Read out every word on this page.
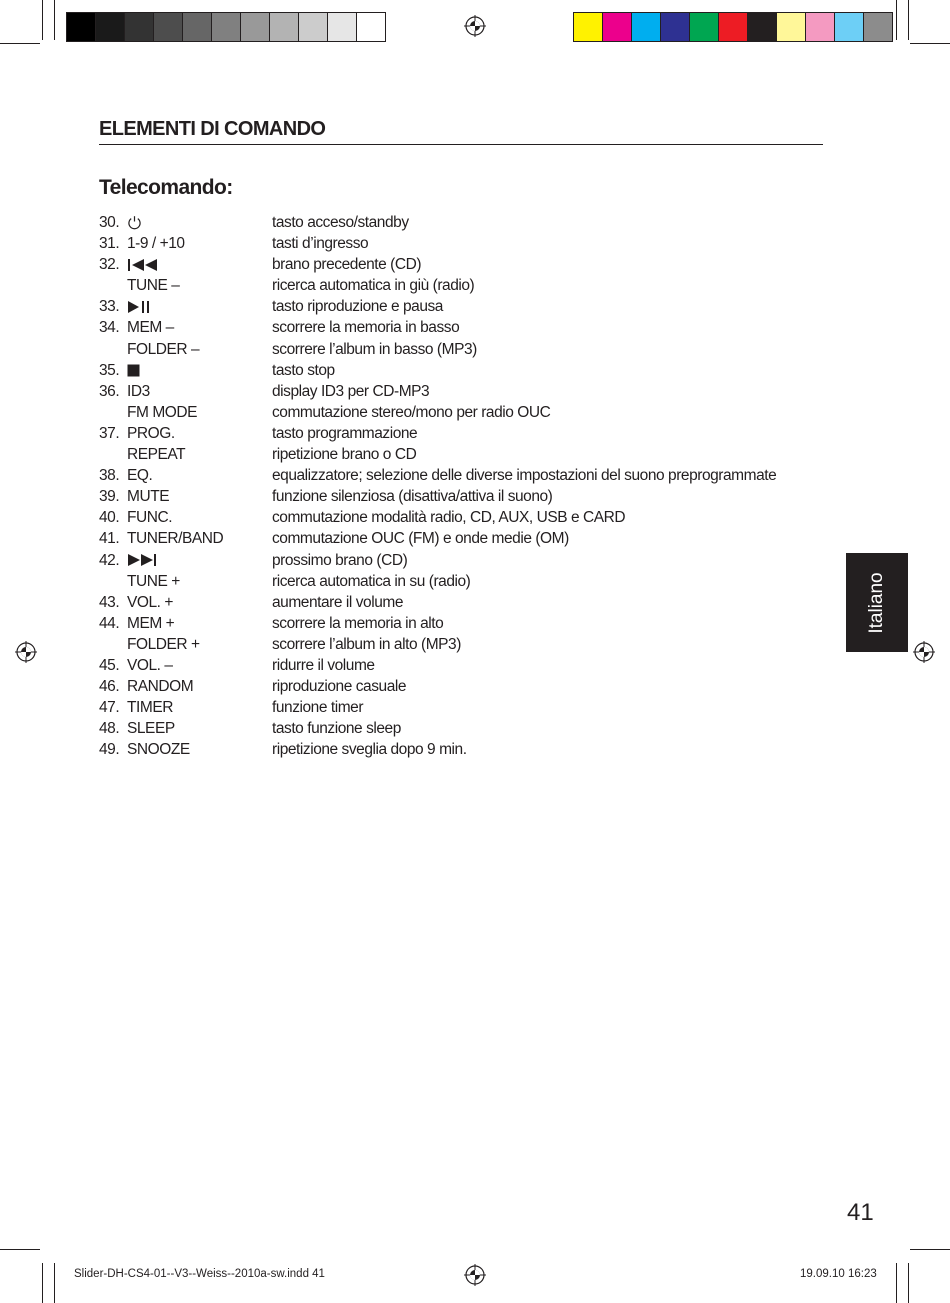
ELEMENTI DI COMANDO
Telecomando:
30.	tasto acceso/standby
31. 1-9 / +10	tasti d’ingresso
32.	brano precedente (CD)
TUNE –	ricerca automatica in giù (radio)
33.	tasto riproduzione e pausa
34. MEM –	scorrere la memoria in basso
FOLDER –	scorrere l’album in basso (MP3)
35.	tasto stop
36. ID3	display ID3 per CD-MP3
FM MODE	commutazione stereo/mono per radio OUC
37. PROG.	tasto programmazione
REPEAT	ripetizione brano o CD
38. EQ.	equalizzatore; selezione delle diverse impostazioni del suono preprogrammate
39. MUTE	funzione silenziosa (disattiva/attiva il suono)
40. FUNC.	commutazione modalità radio, CD, AUX, USB e CARD
41. TUNER/BAND	commutazione OUC (FM) e onde medie (OM)
42.	prossimo brano (CD)
TUNE +	ricerca automatica in su (radio)
43. VOL. +	aumentare il volume
44. MEM +	scorrere la memoria in alto
FOLDER +	scorrere l’album in alto (MP3)
45. VOL. –	ridurre il volume
46. RANDOM	riproduzione casuale
47. TIMER	funzione timer
48. SLEEP	tasto funzione sleep
49. SNOOZE	ripetizione sveglia dopo 9 min.
Italiano
41
Slider-DH-CS4-01--V3--Weiss--2010a-sw.indd 41	19.09.10 16:23
